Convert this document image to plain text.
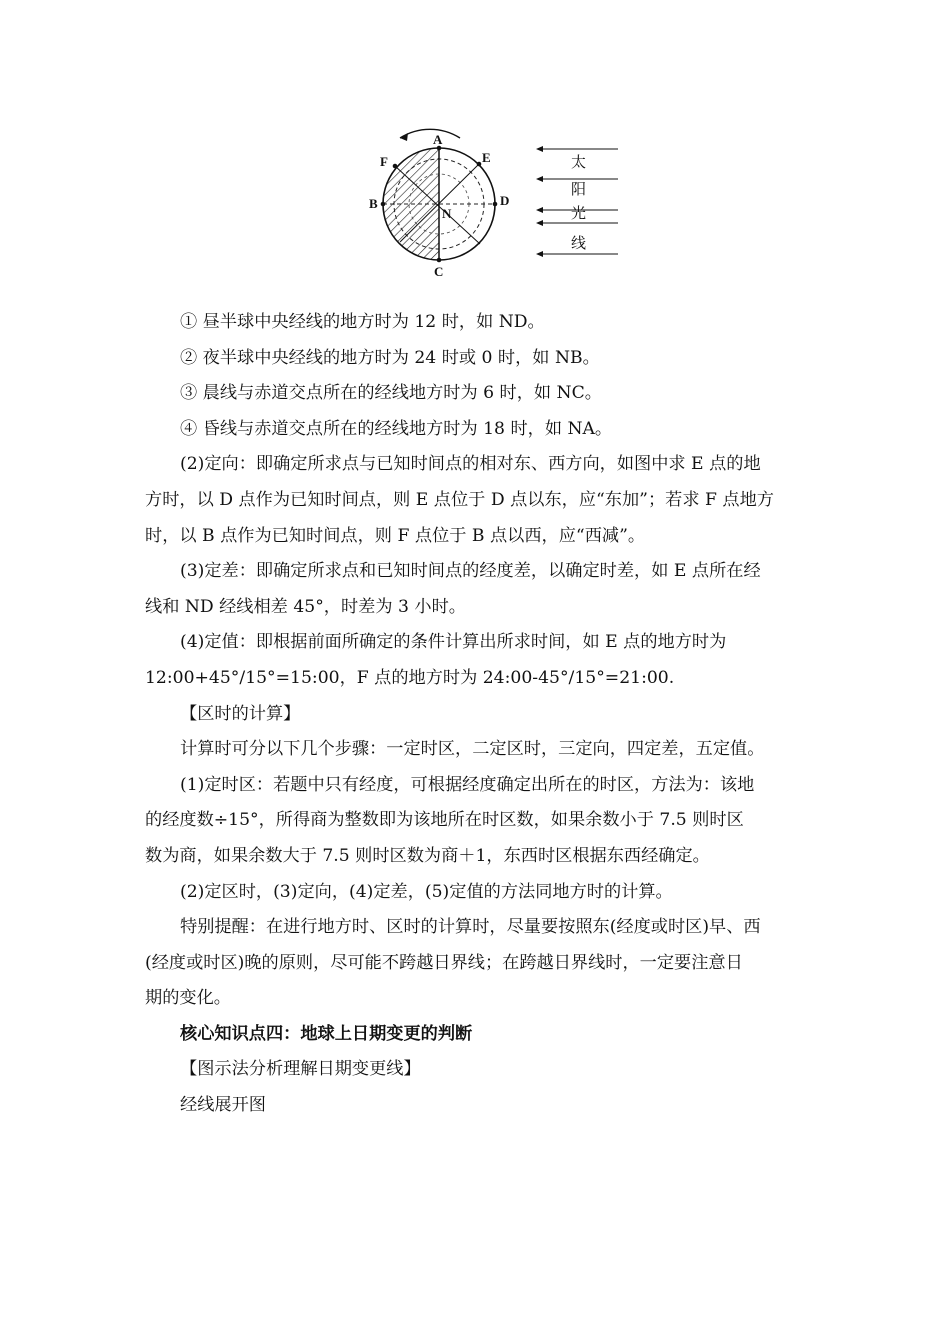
A
B
C
D
E
F
N
太
阳
光
线
① 昼半球中央经线的地方时为 12 时，如 ND。
② 夜半球中央经线的地方时为 24 时或 0 时，如 NB。
③ 晨线与赤道交点所在的经线地方时为 6 时，如 NC。
④ 昏线与赤道交点所在的经线地方时为 18 时，如 NA。
(2)定向：即确定所求点与已知时间点的相对东、西方向，如图中求 E 点的地
方时，以 D 点作为已知时间点，则 E 点位于 D 点以东，应“东加”；若求 F 点地方
时，以 B 点作为已知时间点，则 F 点位于 B 点以西，应“西减”。
(3)定差：即确定所求点和已知时间点的经度差，以确定时差，如 E 点所在经
线和 ND 经线相差 45°，时差为 3 小时。
(4)定值：即根据前面所确定的条件计算出所求时间，如 E 点的地方时为
12:00+45°/15°=15:00，F 点的地方时为 24:00-45°/15°=21:00.
【区时的计算】
计算时可分以下几个步骤：一定时区，二定区时，三定向，四定差，五定值。
(1)定时区：若题中只有经度，可根据经度确定出所在的时区，方法为：该地
的经度数÷15°，所得商为整数即为该地所在时区数，如果余数小于 7.5 则时区
数为商，如果余数大于 7.5 则时区数为商＋1，东西时区根据东西经确定。
(2)定区时，(3)定向，(4)定差，(5)定值的方法同地方时的计算。
特别提醒：在进行地方时、区时的计算时，尽量要按照东(经度或时区)早、西
(经度或时区)晚的原则，尽可能不跨越日界线；在跨越日界线时，一定要注意日
期的变化。
核心知识点四：地球上日期变更的判断
【图示法分析理解日期变更线】
经线展开图
